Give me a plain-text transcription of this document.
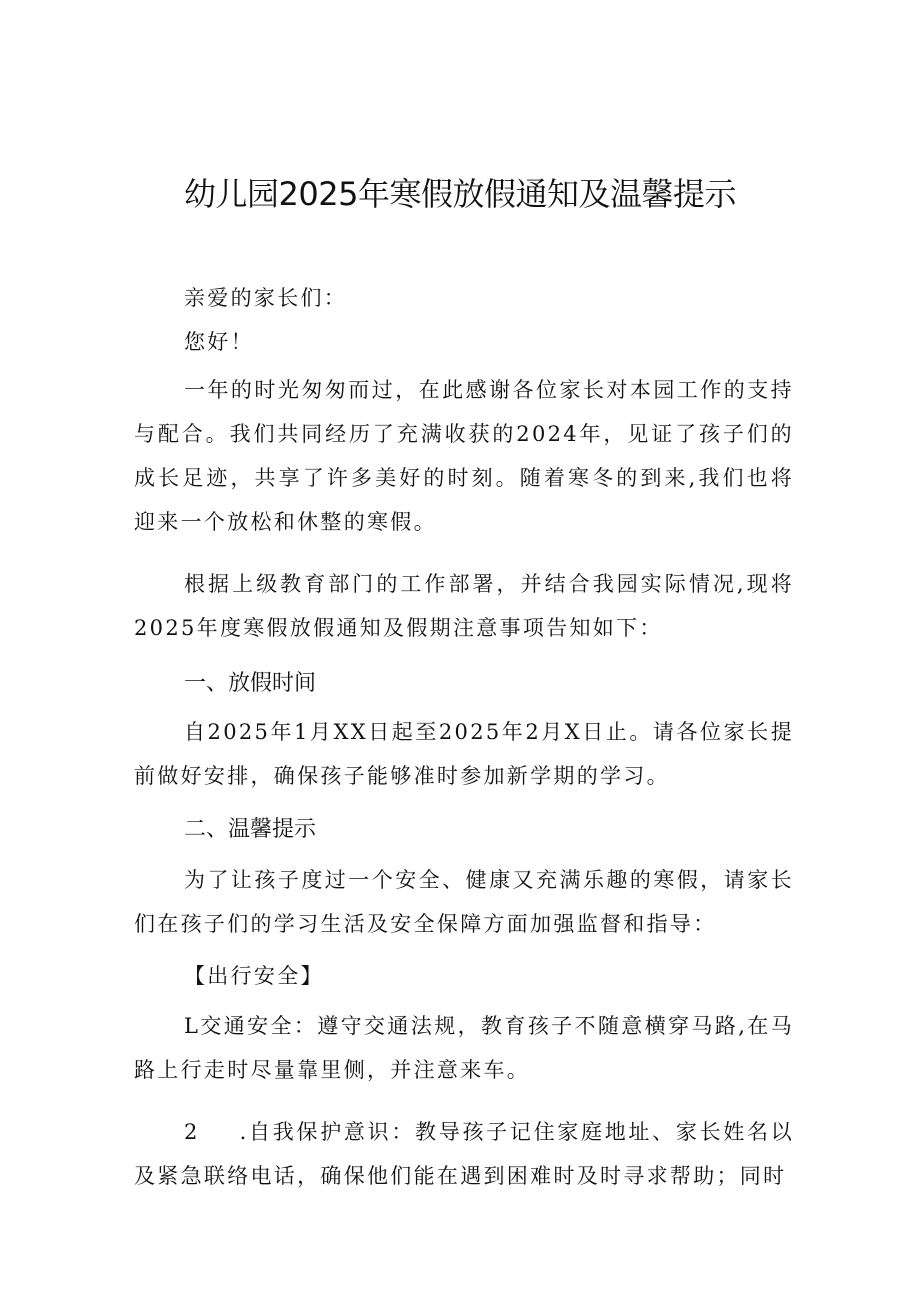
幼儿园2025年寒假放假通知及温馨提示

亲爱的家长们：

您好！

一年的时光匆匆而过，在此感谢各位家长对本园工作的支持与配合。我们共同经历了充满收获的2024年，见证了孩子们的成长足迹，共享了许多美好的时刻。随着寒冬的到来,我们也将迎来一个放松和休整的寒假。

根据上级教育部门的工作部署，并结合我园实际情况,现将2025年度寒假放假通知及假期注意事项告知如下：

一、放假时间

自2025年1月XX日起至2025年2月X日止。请各位家长提前做好安排，确保孩子能够准时参加新学期的学习。

二、温馨提示

为了让孩子度过一个安全、健康又充满乐趣的寒假，请家长们在孩子们的学习生活及安全保障方面加强监督和指导：

【出行安全】

L交通安全：遵守交通法规，教育孩子不随意横穿马路,在马路上行走时尽量靠里侧，并注意来车。

2 .自我保护意识：教导孩子记住家庭地址、家长姓名以及紧急联络电话，确保他们能在遇到困难时及时寻求帮助；同时
